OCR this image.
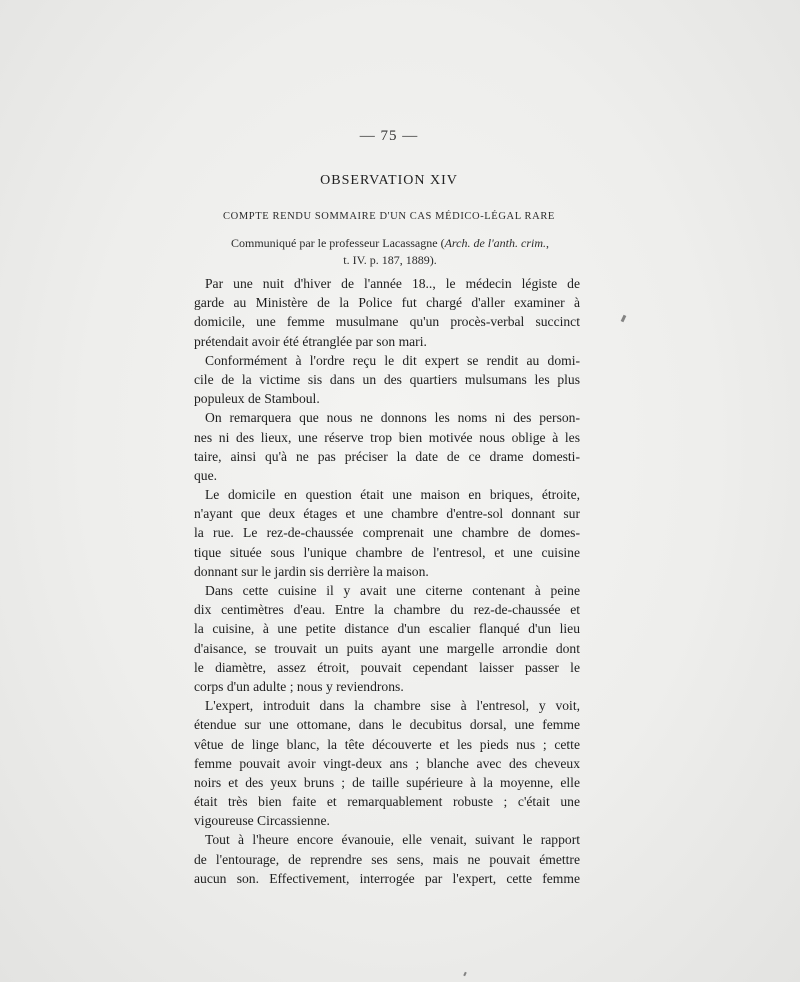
— 75 —
OBSERVATION XIV
COMPTE RENDU SOMMAIRE D'UN CAS MÉDICO-LÉGAL RARE
Communiqué par le professeur Lacassagne (Arch. de l'anth. crim.,
t. IV. p. 187, 1889).
Par une nuit d'hiver de l'année 18.., le médecin légiste de
garde au Ministère de la Police fut chargé d'aller examiner à
domicile, une femme musulmane qu'un procès-verbal succinct
prétendait avoir été étranglée par son mari.
Conformément à l'ordre reçu le dit expert se rendit au domi-
cile de la victime sis dans un des quartiers mulsumans les plus
populeux de Stamboul.
On remarquera que nous ne donnons les noms ni des person-
nes ni des lieux, une réserve trop bien motivée nous oblige à les
taire, ainsi qu'à ne pas préciser la date de ce drame domesti-
que.
Le domicile en question était une maison en briques, étroite,
n'ayant que deux étages et une chambre d'entre-sol donnant sur
la rue. Le rez-de-chaussée comprenait une chambre de domes-
tique située sous l'unique chambre de l'entresol, et une cuisine
donnant sur le jardin sis derrière la maison.
Dans cette cuisine il y avait une citerne contenant à peine
dix centimètres d'eau. Entre la chambre du rez-de-chaussée et
la cuisine, à une petite distance d'un escalier flanqué d'un lieu
d'aisance, se trouvait un puits ayant une margelle arrondie dont
le diamètre, assez étroit, pouvait cependant laisser passer le
corps d'un adulte ; nous y reviendrons.
L'expert, introduit dans la chambre sise à l'entresol, y voit,
étendue sur une ottomane, dans le decubitus dorsal, une femme
vêtue de linge blanc, la tête découverte et les pieds nus ; cette
femme pouvait avoir vingt-deux ans ; blanche avec des cheveux
noirs et des yeux bruns ; de taille supérieure à la moyenne, elle
était très bien faite et remarquablement robuste ; c'était une
vigoureuse Circassienne.
Tout à l'heure encore évanouie, elle venait, suivant le rapport
de l'entourage, de reprendre ses sens, mais ne pouvait émettre
aucun son. Effectivement, interrogée par l'expert, cette femme
